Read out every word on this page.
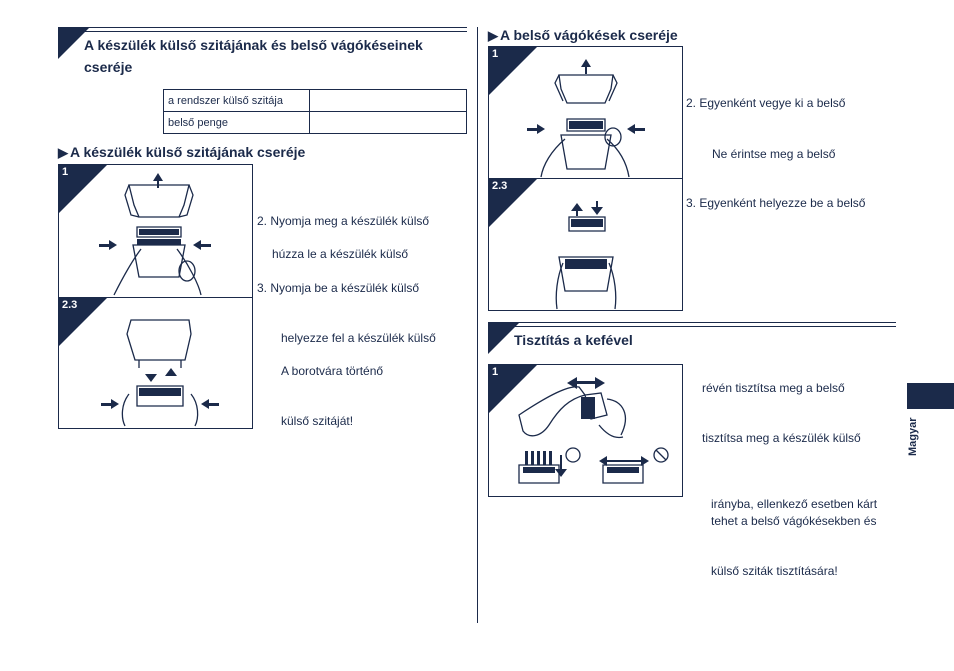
A készülék külső szitájának és belső vágókéseinek cseréje
a rendszer külső szitája	
belső penge	
▶ A készülék külső szitájának cseréje
1
2.3
2. Nyomja meg a készülék külső
húzza le a készülék külső
3. Nyomja be a készülék külső
helyezze fel a készülék külső
A borotvára történő
külső szitáját!
▶ A belső vágókések cseréje
1
2.3
2. Egyenként vegye ki a belső
Ne érintse meg a belső
3. Egyenként helyezze be a belső
Tisztítás a kefével
1
révén tisztítsa meg a belső
tisztítsa meg a készülék külső
irányba, ellenkező esetben kárt
tehet a belső vágókésekben és
külső sziták tisztítására!
Magyar
